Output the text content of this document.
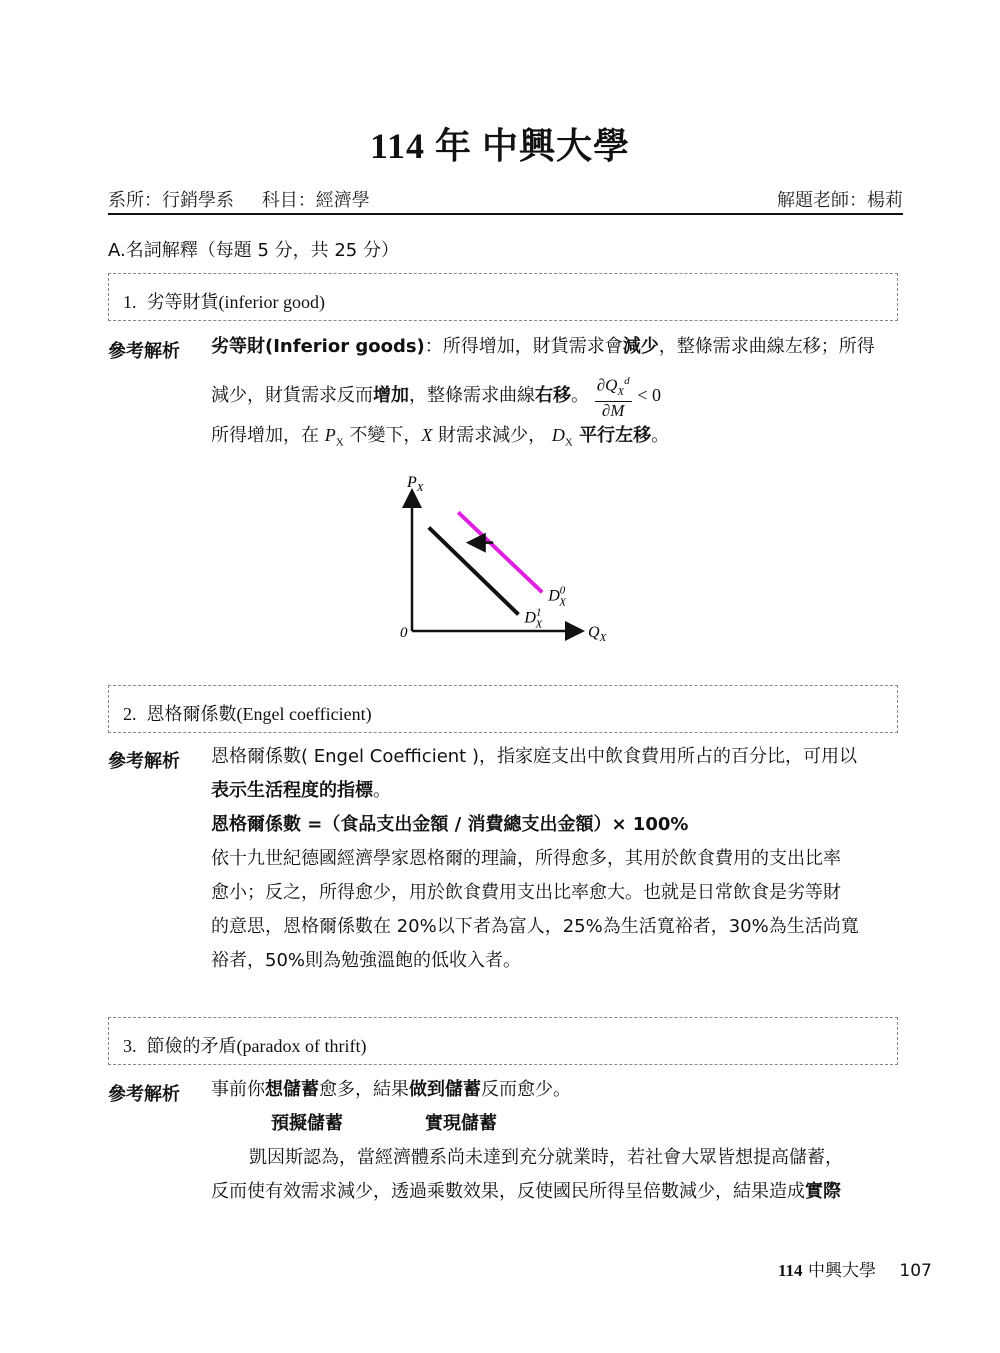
114 年 中興大學
系所：行銷學系 科目：經濟學	解題老師：楊莉
A.名詞解釋（每題 5 分，共 25 分）
1. 劣等財貨(inferior good)
參考解析 劣等財(Inferior goods)：所得增加，財貨需求會減少，整條需求曲線左移；所得
減少，財貨需求反而增加，整條需求曲線右移。 $\frac{\partial Q_X^d}{\partial M} < 0$
所得增加，在 $P_X$ 不變下，X 財需求減少， $D_X$ 平行左移。
$P_X$
$Q_X$
0
$D^0$ X
$D^1$ X
2. 恩格爾係數(Engel coefficient)
參考解析 恩格爾係數( Engel Coefficient )，指家庭支出中飲食費用所占的百分比，可用以
表示生活程度的指標。
恩格爾係數 =（食品支出金額 / 消費總支出金額）× 100%
依十九世紀德國經濟學家恩格爾的理論，所得愈多，其用於飲食費用的支出比率
愈小；反之，所得愈少，用於飲食費用支出比率愈大。也就是日常飲食是劣等財
的意思，恩格爾係數在 20%以下者為富人，25%為生活寬裕者，30%為生活尚寬
裕者，50%則為勉強溫飽的低收入者。
3. 節儉的矛盾(paradox of thrift)
參考解析 事前你想儲蓄愈多，結果做到儲蓄反而愈少。
預擬儲蓄	實現儲蓄
凱因斯認為，當經濟體系尚未達到充分就業時，若社會大眾皆想提高儲蓄，
反而使有效需求減少，透過乘數效果，反使國民所得呈倍數減少，結果造成實際
114 中興大學 107
